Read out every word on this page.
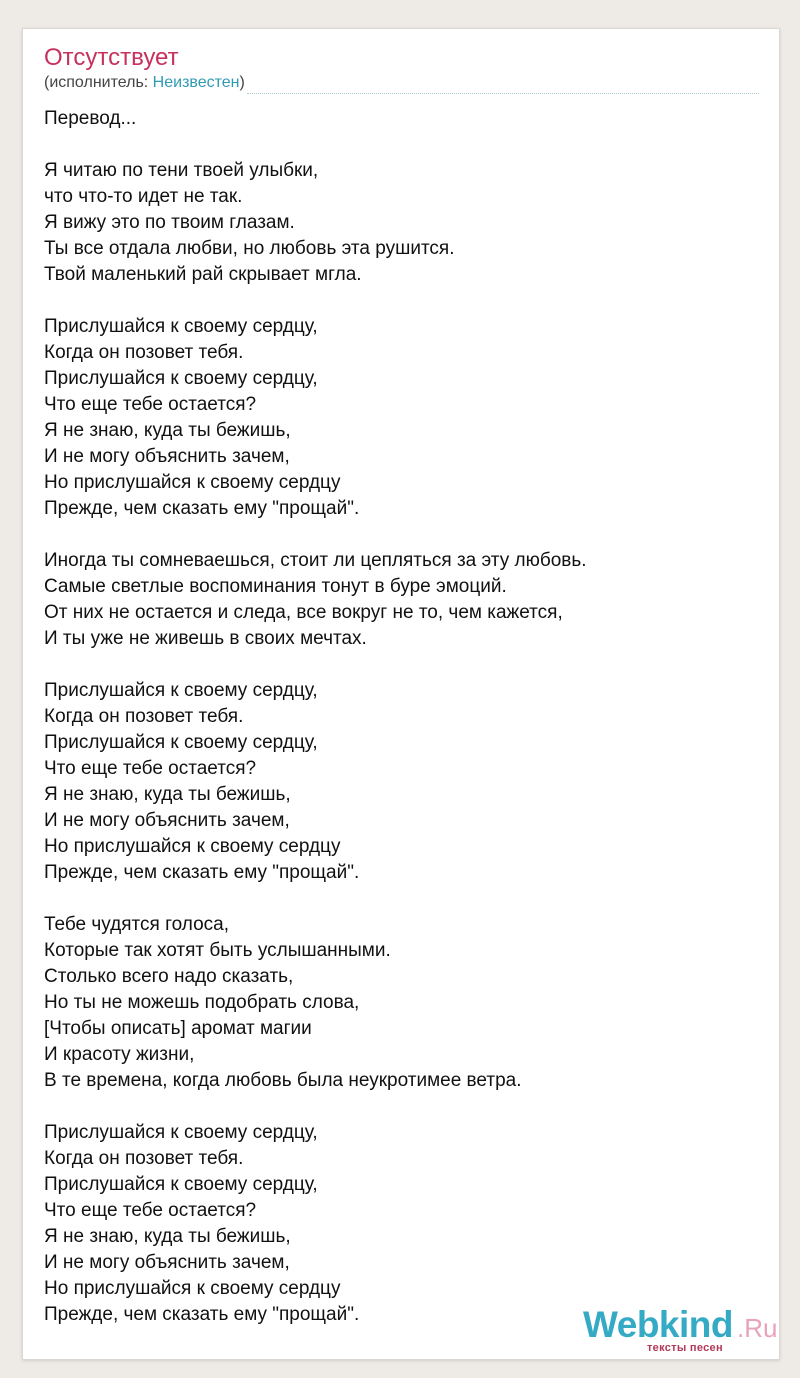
Отсутствует
(исполнитель: Неизвестен)
Перевод...
Я читаю по тени твоей улыбки,
что что-то идет не так.
Я вижу это по твоим глазам.
Ты все отдала любви, но любовь эта рушится.
Твой маленький рай скрывает мгла.
Прислушайся к своему сердцу,
Когда он позовет тебя.
Прислушайся к своему сердцу,
Что еще тебе остается?
Я не знаю, куда ты бежишь,
И не могу объяснить зачем,
Но прислушайся к своему сердцу
Прежде, чем сказать ему "прощай".
Иногда ты сомневаешься, стоит ли цепляться за эту любовь.
Самые светлые воспоминания тонут в буре эмоций.
От них не остается и следа, все вокруг не то, чем кажется,
И ты уже не живешь в своих мечтах.
Прислушайся к своему сердцу,
Когда он позовет тебя.
Прислушайся к своему сердцу,
Что еще тебе остается?
Я не знаю, куда ты бежишь,
И не могу объяснить зачем,
Но прислушайся к своему сердцу
Прежде, чем сказать ему "прощай".
Тебе чудятся голоса,
Которые так хотят быть услышанными.
Столько всего надо сказать,
Но ты не можешь подобрать слова,
[Чтобы описать] аромат магии
И красоту жизни,
В те времена, когда любовь была неукротимее ветра.
Прислушайся к своему сердцу,
Когда он позовет тебя.
Прислушайся к своему сердцу,
Что еще тебе остается?
Я не знаю, куда ты бежишь,
И не могу объяснить зачем,
Но прислушайся к своему сердцу
Прежде, чем сказать ему "прощай".	Webkind .Ru
тексты песен
